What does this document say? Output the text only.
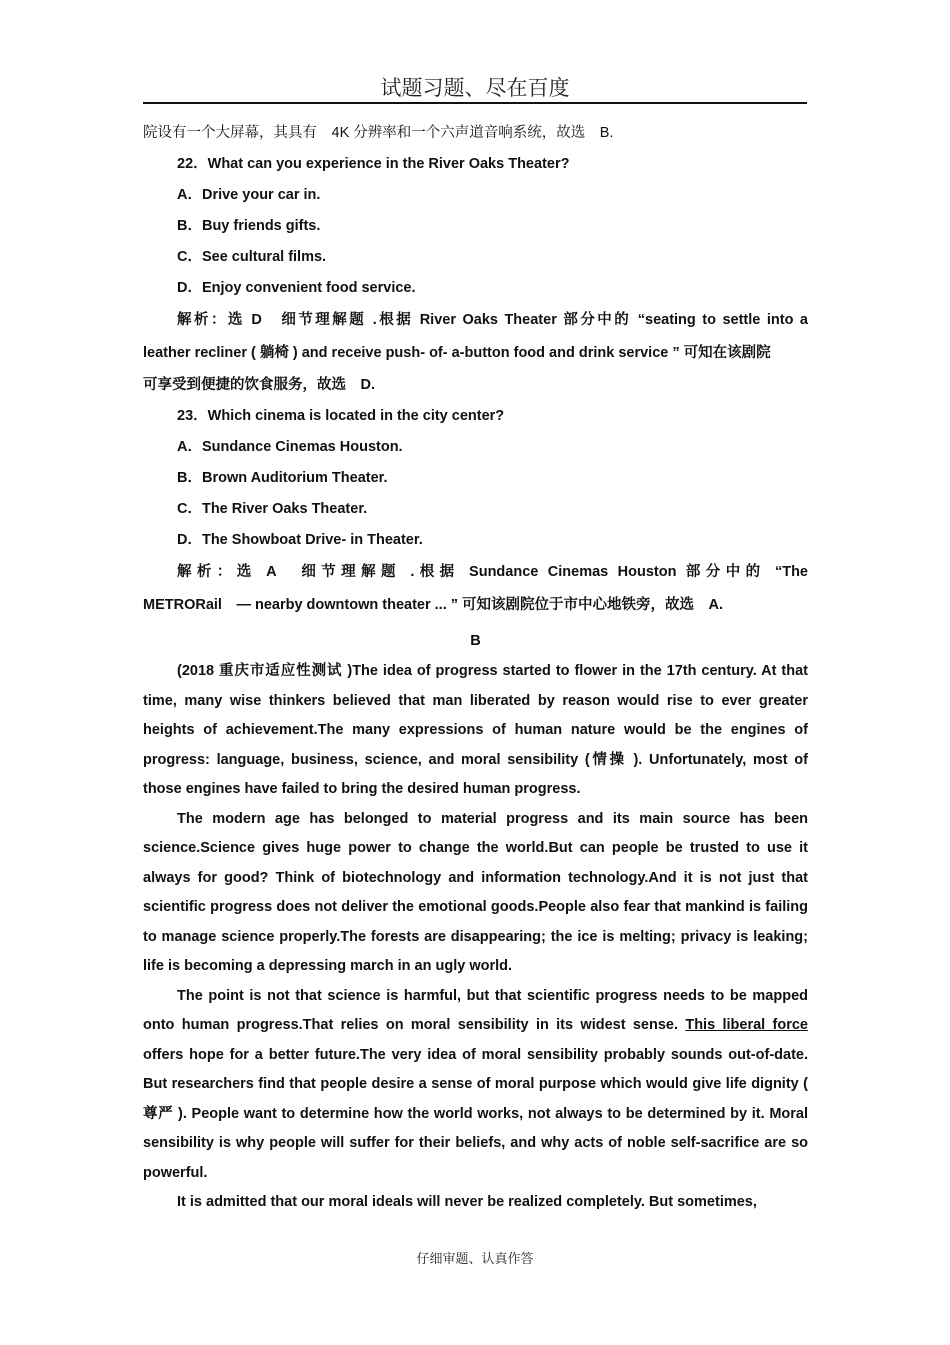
试题习题、尽在百度
院设有一个大屏幕，其具有　4K 分辨率和一个六声道音响系统，故选　B.
22．What can you experience in the River Oaks Theater?
A．Drive your car in.
B．Buy friends gifts.
C．See cultural films.
D．Enjoy convenient food service.
解析：选 D　细节理解题 .根据 River Oaks Theater 部分中的 “seating to settle into a
leather recliner ( 躺椅 ) and receive push- of- a-button food and drink service ” 可知在该剧院
可享受到便捷的饮食服务，故选　D.
23．Which cinema is located in the city center?
A．Sundance Cinemas Houston.
B．Brown Auditorium Theater.
C．The River Oaks Theater.
D．The Showboat Drive- in Theater.
解析：选 A　细节理解题 .根据 Sundance Cinemas Houston 部分中的 “The
METRORail　— nearby downtown theater ... ” 可知该剧院位于市中心地铁旁，故选　A.
B

(2018 重庆市适应性测试 )The idea of progress started to flower in the 17th century. At that time, many wise thinkers believed that man liberated by reason would rise to ever greater heights of achievement.The many expressions of human nature would be the engines of progress: language, business, science, and moral sensibility (情操 ). Unfortunately, most of those engines have failed to bring the desired human progress.

The modern age has belonged to material progress and its main source has been science.Science gives huge power to change the world.But can people be trusted to use it always for good? Think of biotechnology and information technology.And it is not just that scientific progress does not deliver the emotional goods.People also fear that mankind is failing to manage science properly.The forests are disappearing; the ice is melting; privacy is leaking; life is becoming a depressing march in an ugly world.

The point is not that science is harmful, but that scientific progress needs to be mapped onto human progress.That relies on moral sensibility in its widest sense. This liberal force offers hope for a better future.The very idea of moral sensibility probably sounds out-of-date. But researchers find that people desire a sense of moral purpose which would give life dignity ( 尊严 ). People want to determine how the world works, not always to be determined by it. Moral sensibility is why people will suffer for their beliefs, and why acts of noble self-sacrifice are so powerful.

It is admitted that our moral ideals will never be realized completely. But sometimes,

仔细审题、认真作答
